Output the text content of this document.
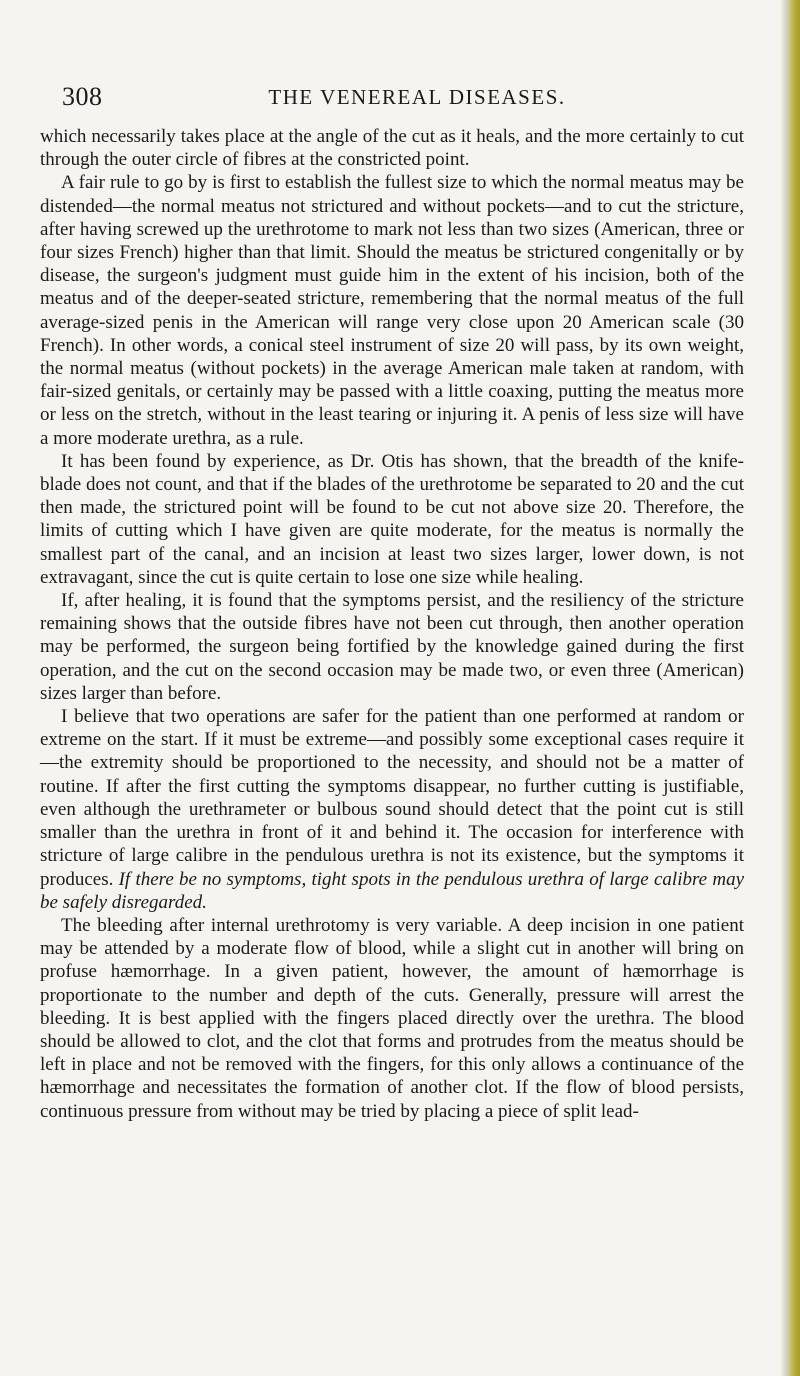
308	THE VENEREAL DISEASES.

which necessarily takes place at the angle of the cut as it heals, and the more certainly to cut through the outer circle of fibres at the constricted point.

A fair rule to go by is first to establish the fullest size to which the normal meatus may be distended—the normal meatus not strictured and without pockets—and to cut the stricture, after having screwed up the urethrotome to mark not less than two sizes (American, three or four sizes French) higher than that limit. Should the meatus be strictured congenitally or by disease, the surgeon's judgment must guide him in the extent of his incision, both of the meatus and of the deeper-seated stricture, remembering that the normal meatus of the full average-sized penis in the American will range very close upon 20 American scale (30 French). In other words, a conical steel instrument of size 20 will pass, by its own weight, the normal meatus (without pockets) in the average American male taken at random, with fair-sized genitals, or certainly may be passed with a little coaxing, putting the meatus more or less on the stretch, without in the least tearing or injuring it. A penis of less size will have a more moderate urethra, as a rule.

It has been found by experience, as Dr. Otis has shown, that the breadth of the knife-blade does not count, and that if the blades of the urethrotome be separated to 20 and the cut then made, the strictured point will be found to be cut not above size 20. Therefore, the limits of cutting which I have given are quite moderate, for the meatus is normally the smallest part of the canal, and an incision at least two sizes larger, lower down, is not extravagant, since the cut is quite certain to lose one size while healing.

If, after healing, it is found that the symptoms persist, and the resiliency of the stricture remaining shows that the outside fibres have not been cut through, then another operation may be performed, the surgeon being fortified by the knowledge gained during the first operation, and the cut on the second occasion may be made two, or even three (American) sizes larger than before.

I believe that two operations are safer for the patient than one performed at random or extreme on the start. If it must be extreme—and possibly some exceptional cases require it—the extremity should be proportioned to the necessity, and should not be a matter of routine. If after the first cutting the symptoms disappear, no further cutting is justifiable, even although the urethrameter or bulbous sound should detect that the point cut is still smaller than the urethra in front of it and behind it. The occasion for interference with stricture of large calibre in the pendulous urethra is not its existence, but the symptoms it produces. If there be no symptoms, tight spots in the pendulous urethra of large calibre may be safely disregarded.

The bleeding after internal urethrotomy is very variable. A deep incision in one patient may be attended by a moderate flow of blood, while a slight cut in another will bring on profuse hæmorrhage. In a given patient, however, the amount of hæmorrhage is proportionate to the number and depth of the cuts. Generally, pressure will arrest the bleeding. It is best applied with the fingers placed directly over the urethra. The blood should be allowed to clot, and the clot that forms and protrudes from the meatus should be left in place and not be removed with the fingers, for this only allows a continuance of the hæmorrhage and necessitates the formation of another clot. If the flow of blood persists, continuous pressure from without may be tried by placing a piece of split lead-
